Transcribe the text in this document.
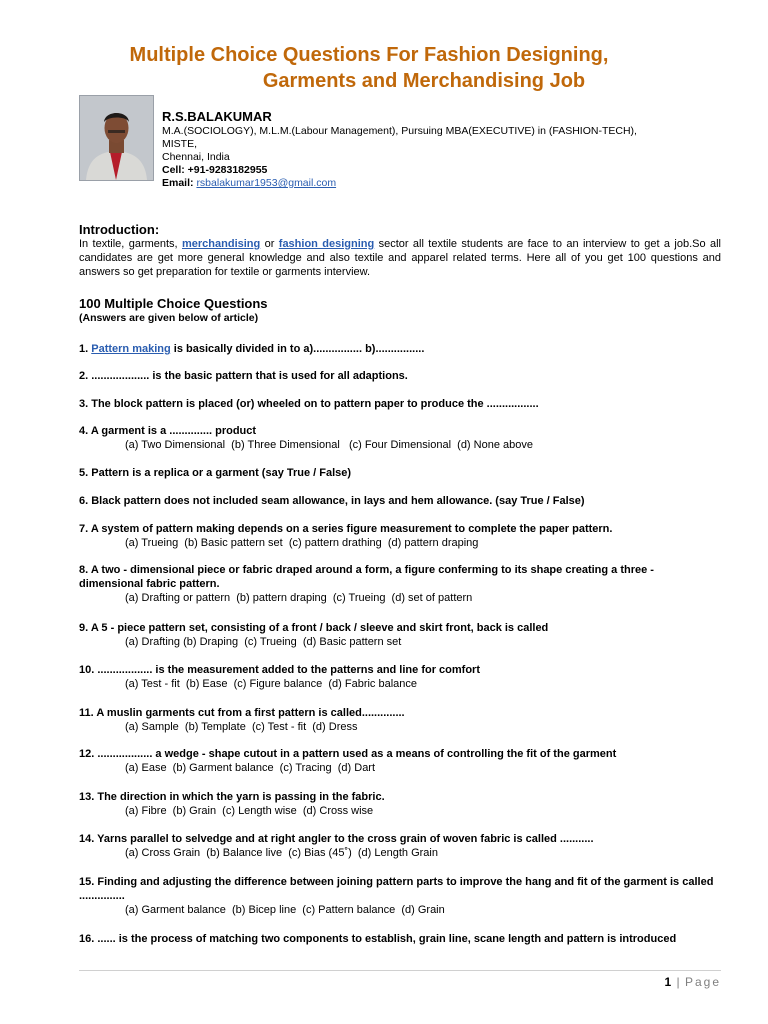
Multiple Choice Questions For Fashion Designing,
Garments and Merchandising Job
R.S.BALAKUMAR
M.A.(SOCIOLOGY), M.L.M.(Labour Management), Pursuing MBA(EXECUTIVE) in (FASHION-TECH),
MISTE,
Chennai, India
Cell: +91-9283182955
Email: rsbalakumar1953@gmail.com
Introduction:
In textile, garments, merchandising or fashion designing sector all textile students are face to an interview to get a job.So all candidates are get more general knowledge and also textile and apparel related terms. Here all of you get 100 questions and answers so get preparation for textile or garments interview.
100 Multiple Choice Questions
(Answers are given below of article)
1. Pattern making is basically divided in to a)................ b)................
2. ................... is the basic pattern that is used for all adaptions.
3. The block pattern is placed (or) wheeled on to pattern paper to produce the .................
4. A garment is a .............. product
(a) Two Dimensional  (b) Three Dimensional   (c) Four Dimensional  (d) None above
5. Pattern is a replica or a garment (say True / False)
6. Black pattern does not included seam allowance, in lays and hem allowance. (say True / False)
7. A system of pattern making depends on a series figure measurement to complete the paper pattern.
(a) Trueing  (b) Basic pattern set  (c) pattern drathing  (d) pattern draping
8. A two - dimensional piece or fabric draped around a form, a figure conferming to its shape creating a three - dimensional fabric pattern.
(a) Drafting or pattern  (b) pattern draping  (c) Trueing  (d) set of pattern
9. A 5 - piece pattern set, consisting of a front / back / sleeve and skirt front, back is called
(a) Drafting (b) Draping  (c) Trueing  (d) Basic pattern set
10. .................. is the measurement added to the patterns and line for comfort
(a) Test - fit  (b) Ease  (c) Figure balance  (d) Fabric balance
11. A muslin garments cut from a first pattern is called..............
(a) Sample  (b) Template  (c) Test - fit  (d) Dress
12. .................. a wedge - shape cutout in a pattern used as a means of controlling the fit of the garment
(a) Ease  (b) Garment balance  (c) Tracing  (d) Dart
13. The direction in which the yarn is passing in the fabric.
(a) Fibre  (b) Grain  (c) Length wise  (d) Cross wise
14. Yarns parallel to selvedge and at right angler to the cross grain of woven fabric is called ...........
(a) Cross Grain  (b) Balance live  (c) Bias (45˚)  (d) Length Grain
15. Finding and adjusting the difference between joining pattern parts to improve the hang and fit of the garment is called ...............
(a) Garment balance  (b) Bicep line  (c) Pattern balance  (d) Grain
16. ...... is the process of matching two components to establish, grain line, scane length and pattern is introduced
1 | Page
